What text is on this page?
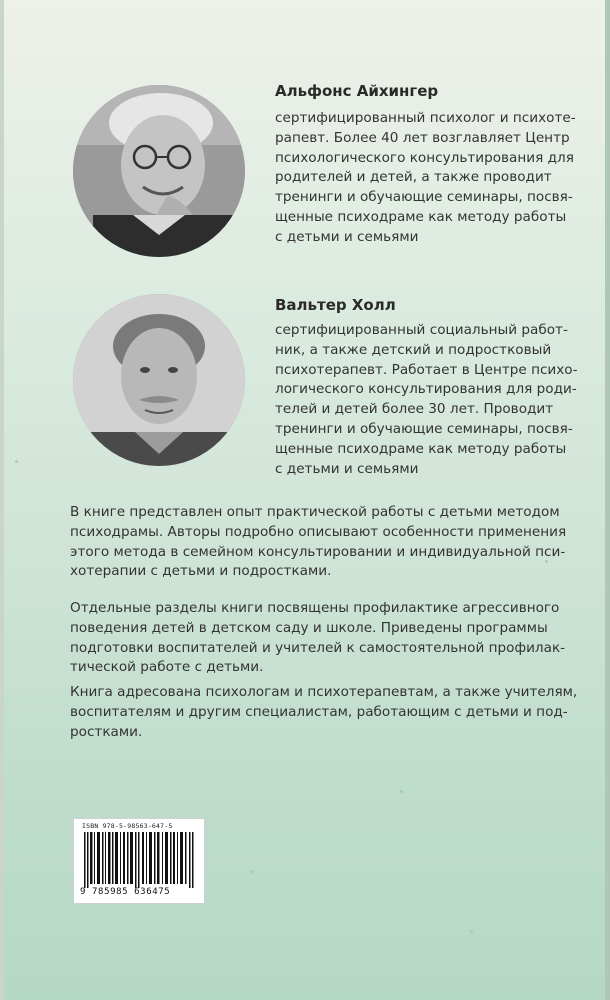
Альфонс Айхингер
сертифицированный психолог и психоте-
рапевт. Более 40 лет возглавляет Центр
психологического консультирования для
родителей и детей, а также проводит
тренинги и обучающие семинары, посвя-
щенные психодраме как методу работы
с детьми и семьями
Вальтер Холл
сертифицированный социальный работ-
ник, а также детский и подростковый
психотерапевт. Работает в Центре психо-
логического консультирования для роди-
телей и детей более 30 лет. Проводит
тренинги и обучающие семинары, посвя-
щенные психодраме как методу работы
с детьми и семьями
В книге представлен опыт практической работы с детьми методом
психодрамы. Авторы подробно описывают особенности применения
этого метода в семейном консультировании и индивидуальной пси-
хотерапии с детьми и подростками.
Отдельные разделы книги посвящены профилактике агрессивного
поведения детей в детском саду и школе. Приведены программы
подготовки воспитателей и учителей к самостоятельной профилак-
тической работе с детьми.
Книга адресована психологам и психотерапевтам, а также учителям,
воспитателям и другим специалистам, работающим с детьми и под-
ростками.
ISBN 978-5-98563-647-5
9 785985 636475
